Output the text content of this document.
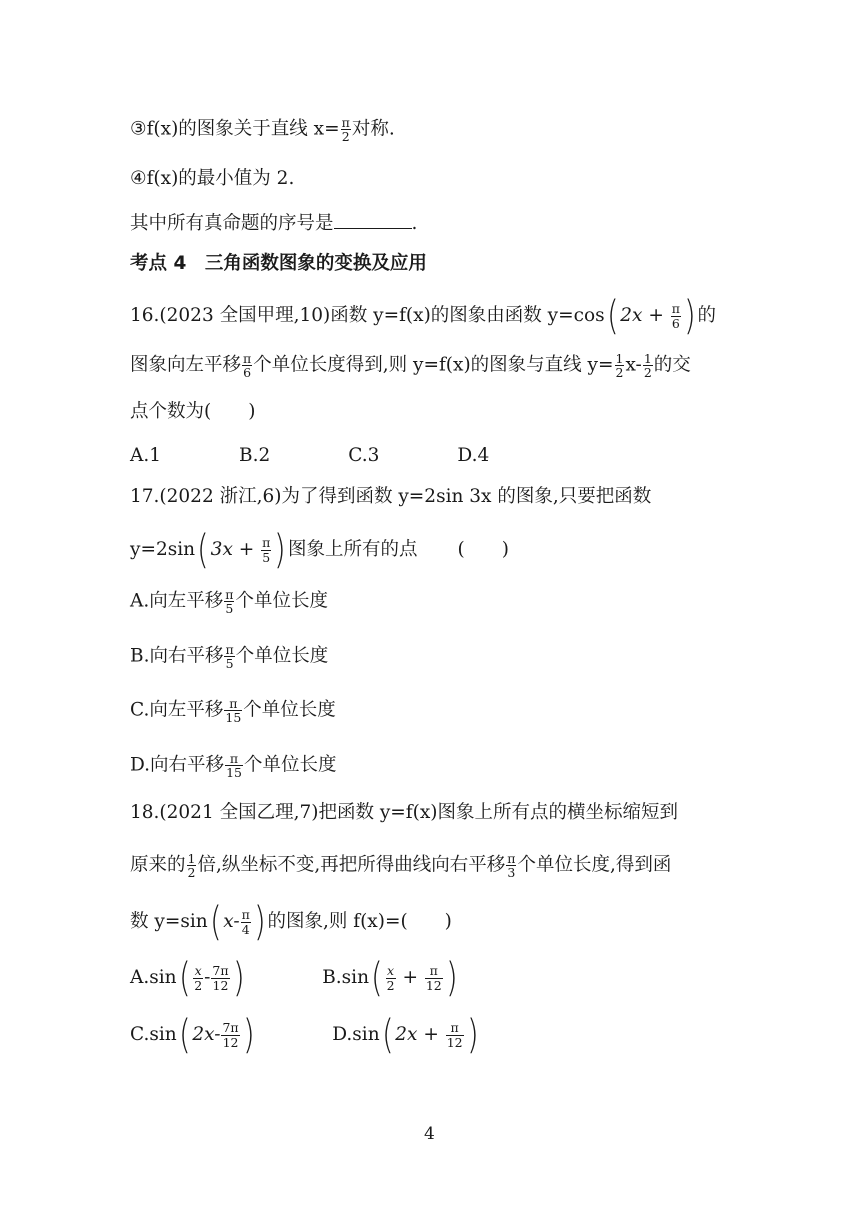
③f(x)的图象关于直线 $x= \frac{\pi}{2}$ 对称.
④f(x)的最小值为 2.
其中所有真命题的序号是	.
考点 4　三角函数图象的变换及应用
16.(2023 全国甲理,10)函数 y=f(x)的图象由函数 y=cos( $2x + \frac{\pi}{6}$ ) 的
图象向左平移 $\frac{\pi}{6}$ 个单位长度得到,则 y=f(x)的图象与直线 $y= \frac{1}{2} x- \frac{1}{2}$ 的交
点个数为(　　)
A.1	B.2	C.3	D.4
17.(2022 浙江,6)为了得到函数 y=2sin 3x 的图象,只要把函数
y=2sin( $3x + \frac{\pi}{5}$ ) 图象上所有的点 (　　)
A.向左平移 $\frac{\pi}{5}$ 个单位长度
B.向右平移 $\frac{\pi}{5}$ 个单位长度
C.向左平移 $\frac{\pi}{15}$ 个单位长度
D.向右平移 $\frac{\pi}{15}$ 个单位长度
18.(2021 全国乙理,7)把函数 y=f(x)图象上所有点的横坐标缩短到
原来的 $\frac{1}{2}$ 倍,纵坐标不变,再把所得曲线向右平移 $\frac{\pi}{3}$ 个单位长度,得到函
数 y=sin( $x- \frac{\pi}{4}$ ) 的图象,则 f(x)=(　　)
$A.\sin( \frac{x}{2} - \frac{7\pi}{12}$ )	$B.\sin( \frac{x}{2} + \frac{\pi}{12}$ )
C.sin( $2x- \frac{7\pi}{12}$ )	D.sin( $2x + \frac{\pi}{12}$ )
4
